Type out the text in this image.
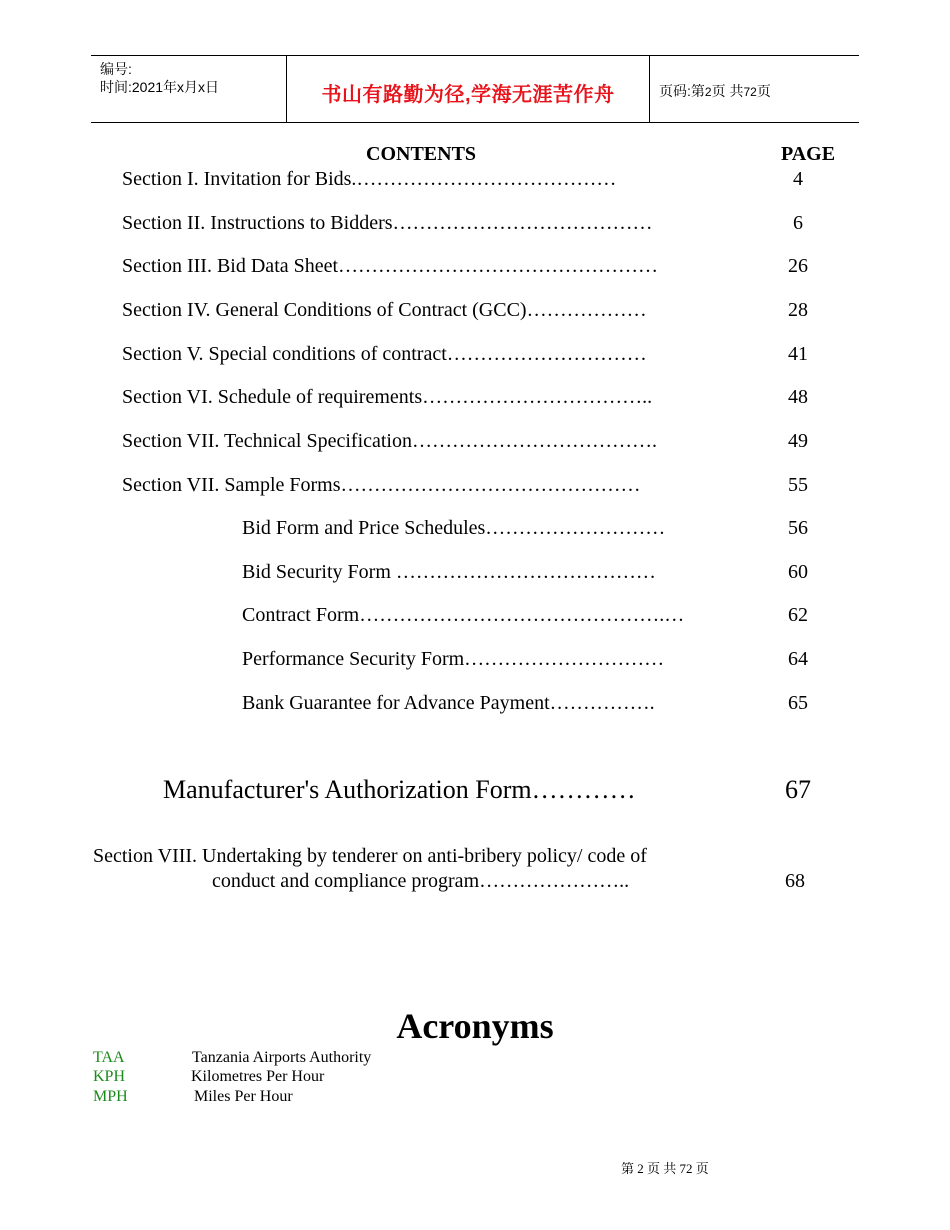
编号:
时间:2021年x月x日	书山有路勤为径,学海无涯苦作舟	页码:第2页 共72页
CONTENTS	PAGE
Section I. Invitation for Bids.…………………………………	4
Section II. Instructions to Bidders…………………………………	6
Section III. Bid Data Sheet…………………………………………	26
Section IV. General Conditions of Contract (GCC)………………	28
Section V. Special conditions of contract…………………………	41
Section VI. Schedule of requirements……………………………..	48
Section VII. Technical Specification……………………………….	49
Section VII. Sample Forms………………………………………	55
Bid Form and Price Schedules………………………	56
Bid Security Form …………………………………	60
Contract Form……………………………………….…	62
Performance Security Form…………………………	64
Bank Guarantee for Advance Payment…………….	65
Manufacturer's Authorization Form…………	67
Section VIII. Undertaking by tenderer on anti-bribery policy/ code of
conduct and compliance program…………………..	68
Acronyms
TAA	Tanzania Airports Authority
KPH	Kilometres Per Hour
MPH	Miles Per Hour
第 2 页 共 72 页
